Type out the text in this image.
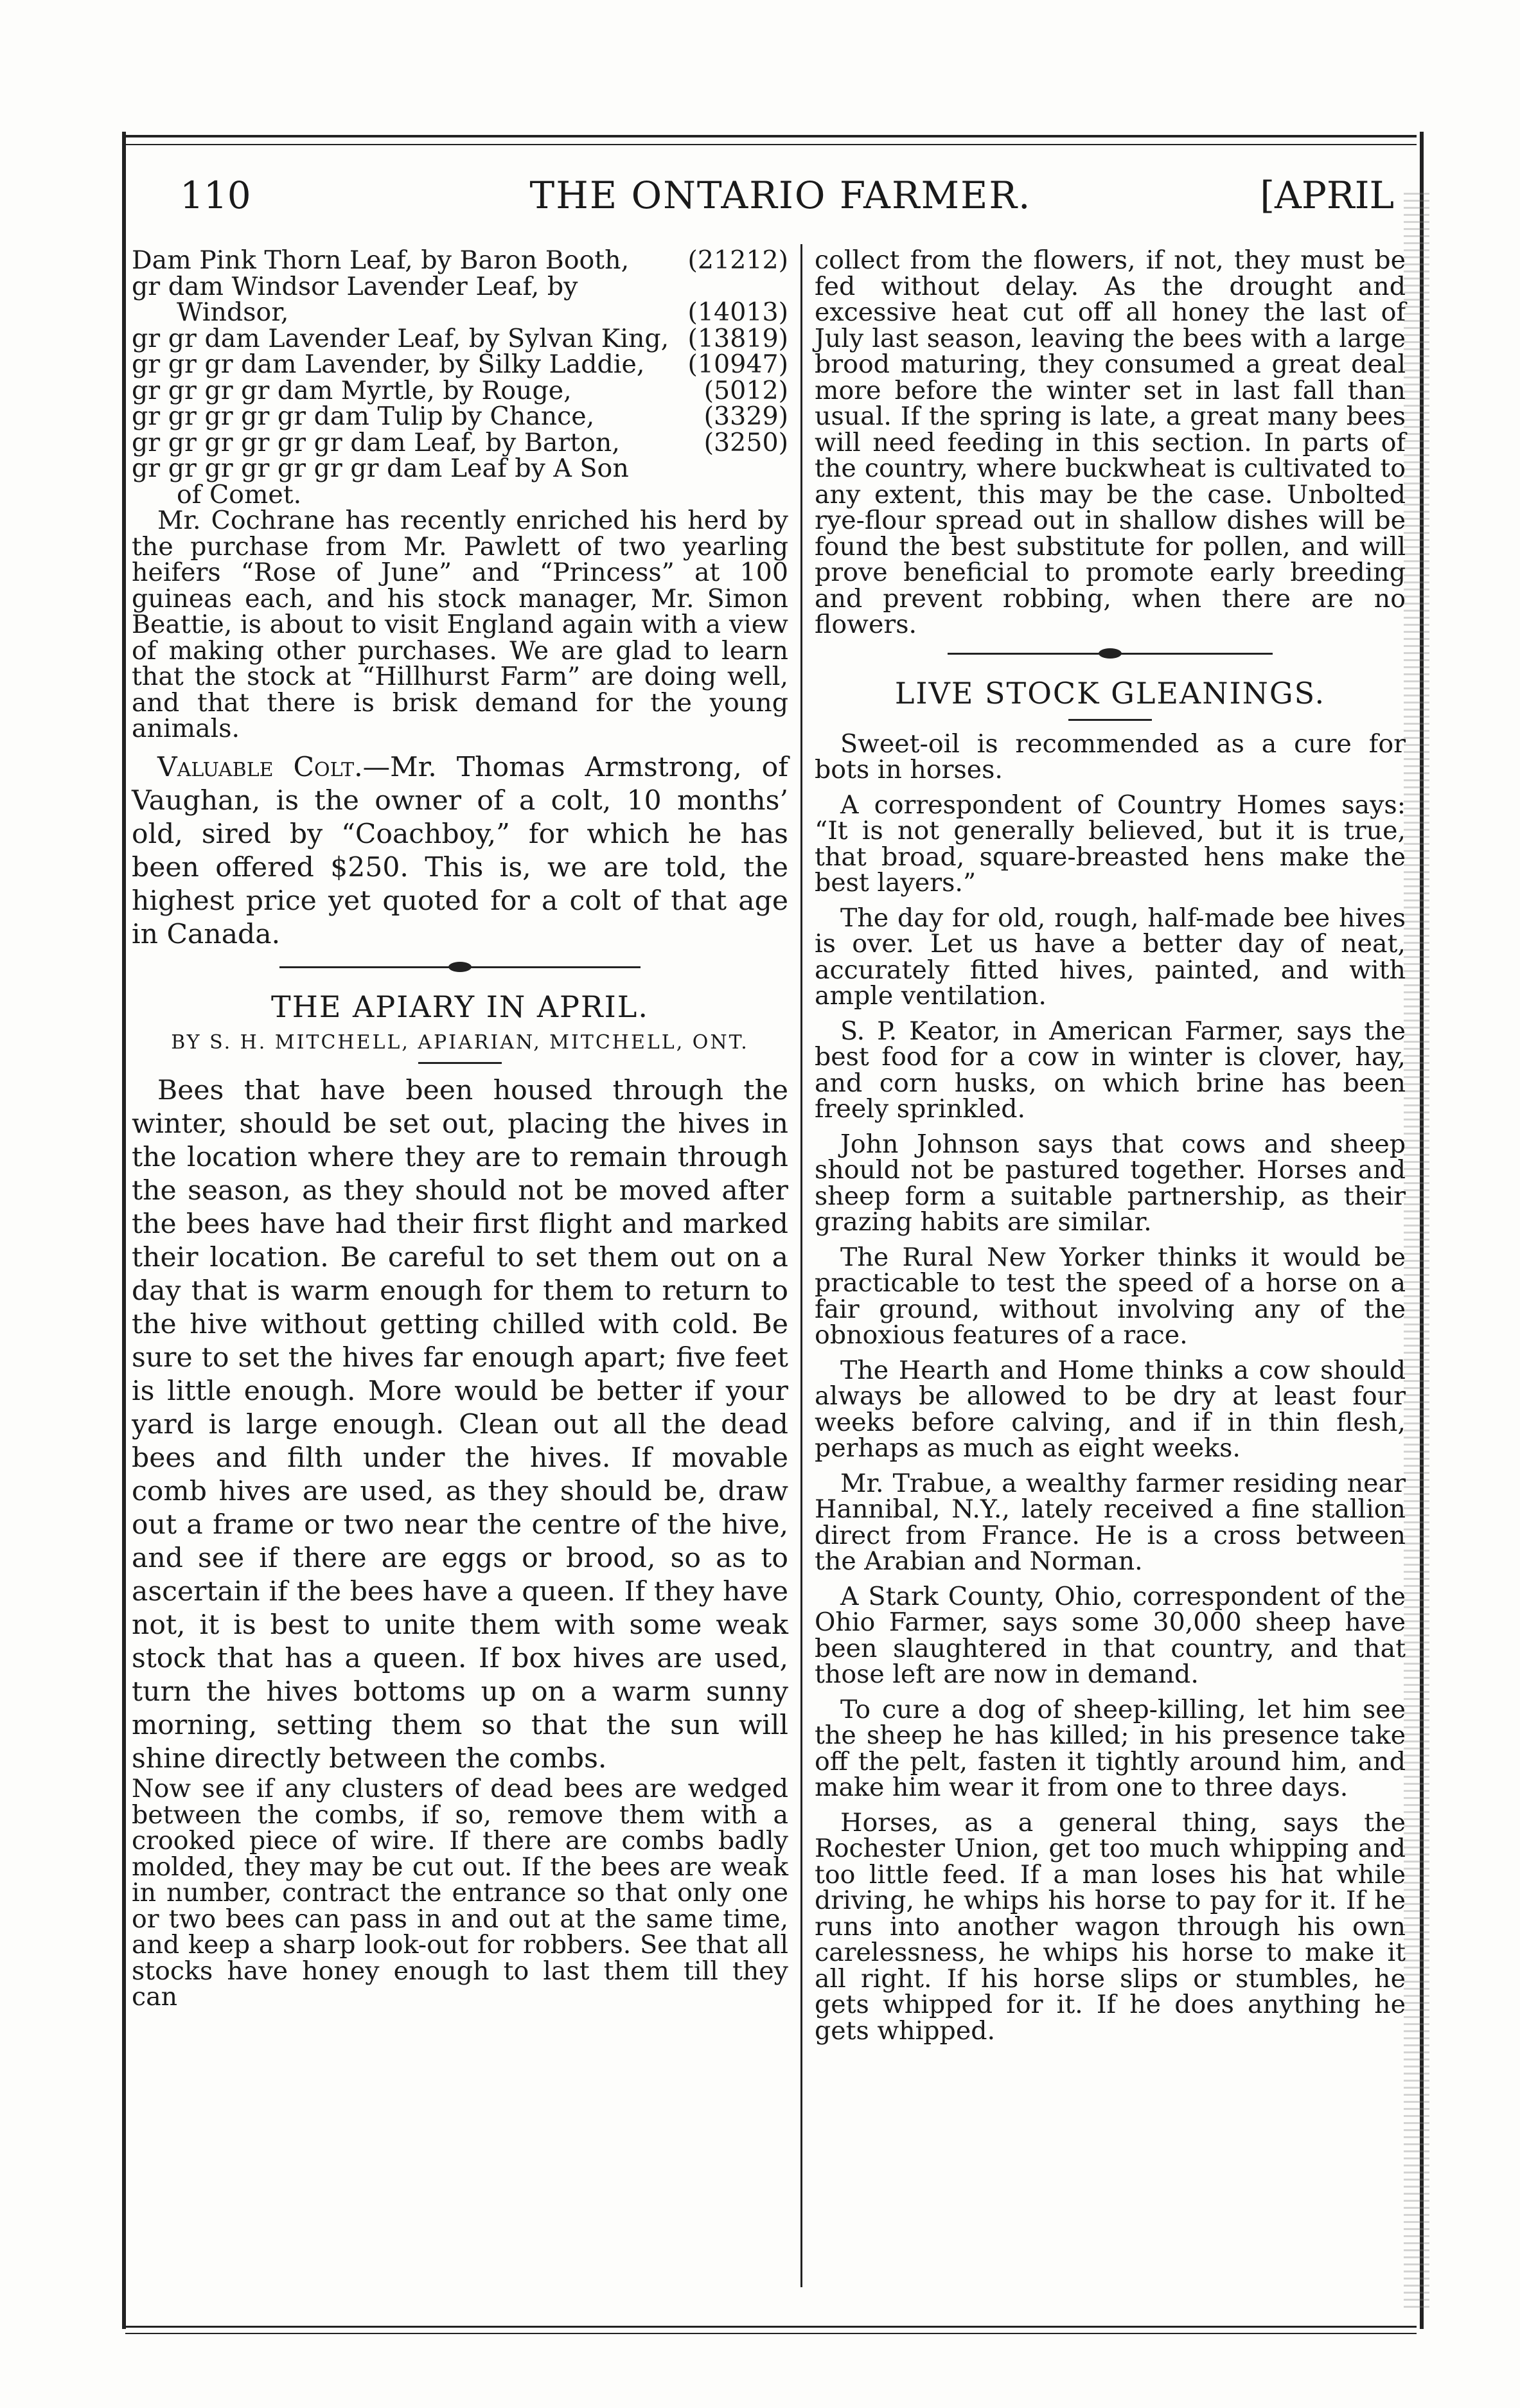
110	THE ONTARIO FARMER.	[APRIL
Dam Pink Thorn Leaf, by Baron Booth, (21212)
gr dam Windsor Lavender Leaf, by
Windsor,	(14013)
gr gr dam Lavender Leaf, by Sylvan King, (13819)
gr gr gr dam Lavender, by Silky Laddie, (10947)
gr gr gr gr dam Myrtle, by Rouge,	(5012)
gr gr gr gr gr dam Tulip by Chance,	(3329)
gr gr gr gr gr gr dam Leaf, by Barton,	(3250)
gr gr gr gr gr gr gr dam Leaf by A Son
of Comet.

Mr. Cochrane has recently enriched his herd by the purchase from Mr. Pawlett of two yearling heifers “Rose of June” and “Princess” at 100 guineas each, and his stock manager, Mr. Simon Beattie, is about to visit England again with a view of making other purchases. We are glad to learn that the stock at “Hillhurst Farm” are doing well, and that there is brisk demand for the young animals.

Valuable Colt.—Mr. Thomas Armstrong, of Vaughan, is the owner of a colt, 10 months’ old, sired by “Coachboy,” for which he has been offered $250. This is, we are told, the highest price yet quoted for a colt of that age in Canada.

THE APIARY IN APRIL.
BY S. H. MITCHELL, APIARIAN, MITCHELL, ONT.

Bees that have been housed through the winter, should be set out, placing the hives in the location where they are to remain through the season, as they should not be moved after the bees have had their first flight and marked their location. Be careful to set them out on a day that is warm enough for them to return to the hive without getting chilled with cold. Be sure to set the hives far enough apart; five feet is little enough. More would be better if your yard is large enough. Clean out all the dead bees and filth under the hives. If movable comb hives are used, as they should be, draw out a frame or two near the centre of the hive, and see if there are eggs or brood, so as to ascertain if the bees have a queen. If they have not, it is best to unite them with some weak stock that has a queen. If box hives are used, turn the hives bottoms up on a warm sunny morning, setting them so that the sun will shine directly between the combs.

Now see if any clusters of dead bees are wedged between the combs, if so, remove them with a crooked piece of wire. If there are combs badly molded, they may be cut out. If the bees are weak in number, contract the entrance so that only one or two bees can pass in and out at the same time, and keep a sharp look-out for robbers. See that all stocks have honey enough to last them till they can

collect from the flowers, if not, they must be fed without delay. As the drought and excessive heat cut off all honey the last of July last season, leaving the bees with a large brood maturing, they consumed a great deal more before the winter set in last fall than usual. If the spring is late, a great many bees will need feeding in this section. In parts of the country, where buckwheat is cultivated to any extent, this may be the case. Unbolted rye-flour spread out in shallow dishes will be found the best substitute for pollen, and will prove beneficial to promote early breeding and prevent robbing, when there are no flowers.

LIVE STOCK GLEANINGS.

Sweet-oil is recommended as a cure for bots in horses.

A correspondent of Country Homes says: “It is not generally believed, but it is true, that broad, square-breasted hens make the best layers.”

The day for old, rough, half-made bee hives is over. Let us have a better day of neat, accurately fitted hives, painted, and with ample ventilation.

S. P. Keator, in American Farmer, says the best food for a cow in winter is clover, hay, and corn husks, on which brine has been freely sprinkled.

John Johnson says that cows and sheep should not be pastured together. Horses and sheep form a suitable partnership, as their grazing habits are similar.

The Rural New Yorker thinks it would be practicable to test the speed of a horse on a fair ground, without involving any of the obnoxious features of a race.

The Hearth and Home thinks a cow should always be allowed to be dry at least four weeks before calving, and if in thin flesh, perhaps as much as eight weeks.

Mr. Trabue, a wealthy farmer residing near Hannibal, N.Y., lately received a fine stallion direct from France. He is a cross between the Arabian and Norman.

A Stark County, Ohio, correspondent of the Ohio Farmer, says some 30,000 sheep have been slaughtered in that country, and that those left are now in demand.

To cure a dog of sheep-killing, let him see the sheep he has killed; in his presence take off the pelt, fasten it tightly around him, and make him wear it from one to three days.

Horses, as a general thing, says the Rochester Union, get too much whipping and too little feed. If a man loses his hat while driving, he whips his horse to pay for it. If he runs into another wagon through his own carelessness, he whips his horse to make it all right. If his horse slips or stumbles, he gets whipped for it. If he does anything he gets whipped.
